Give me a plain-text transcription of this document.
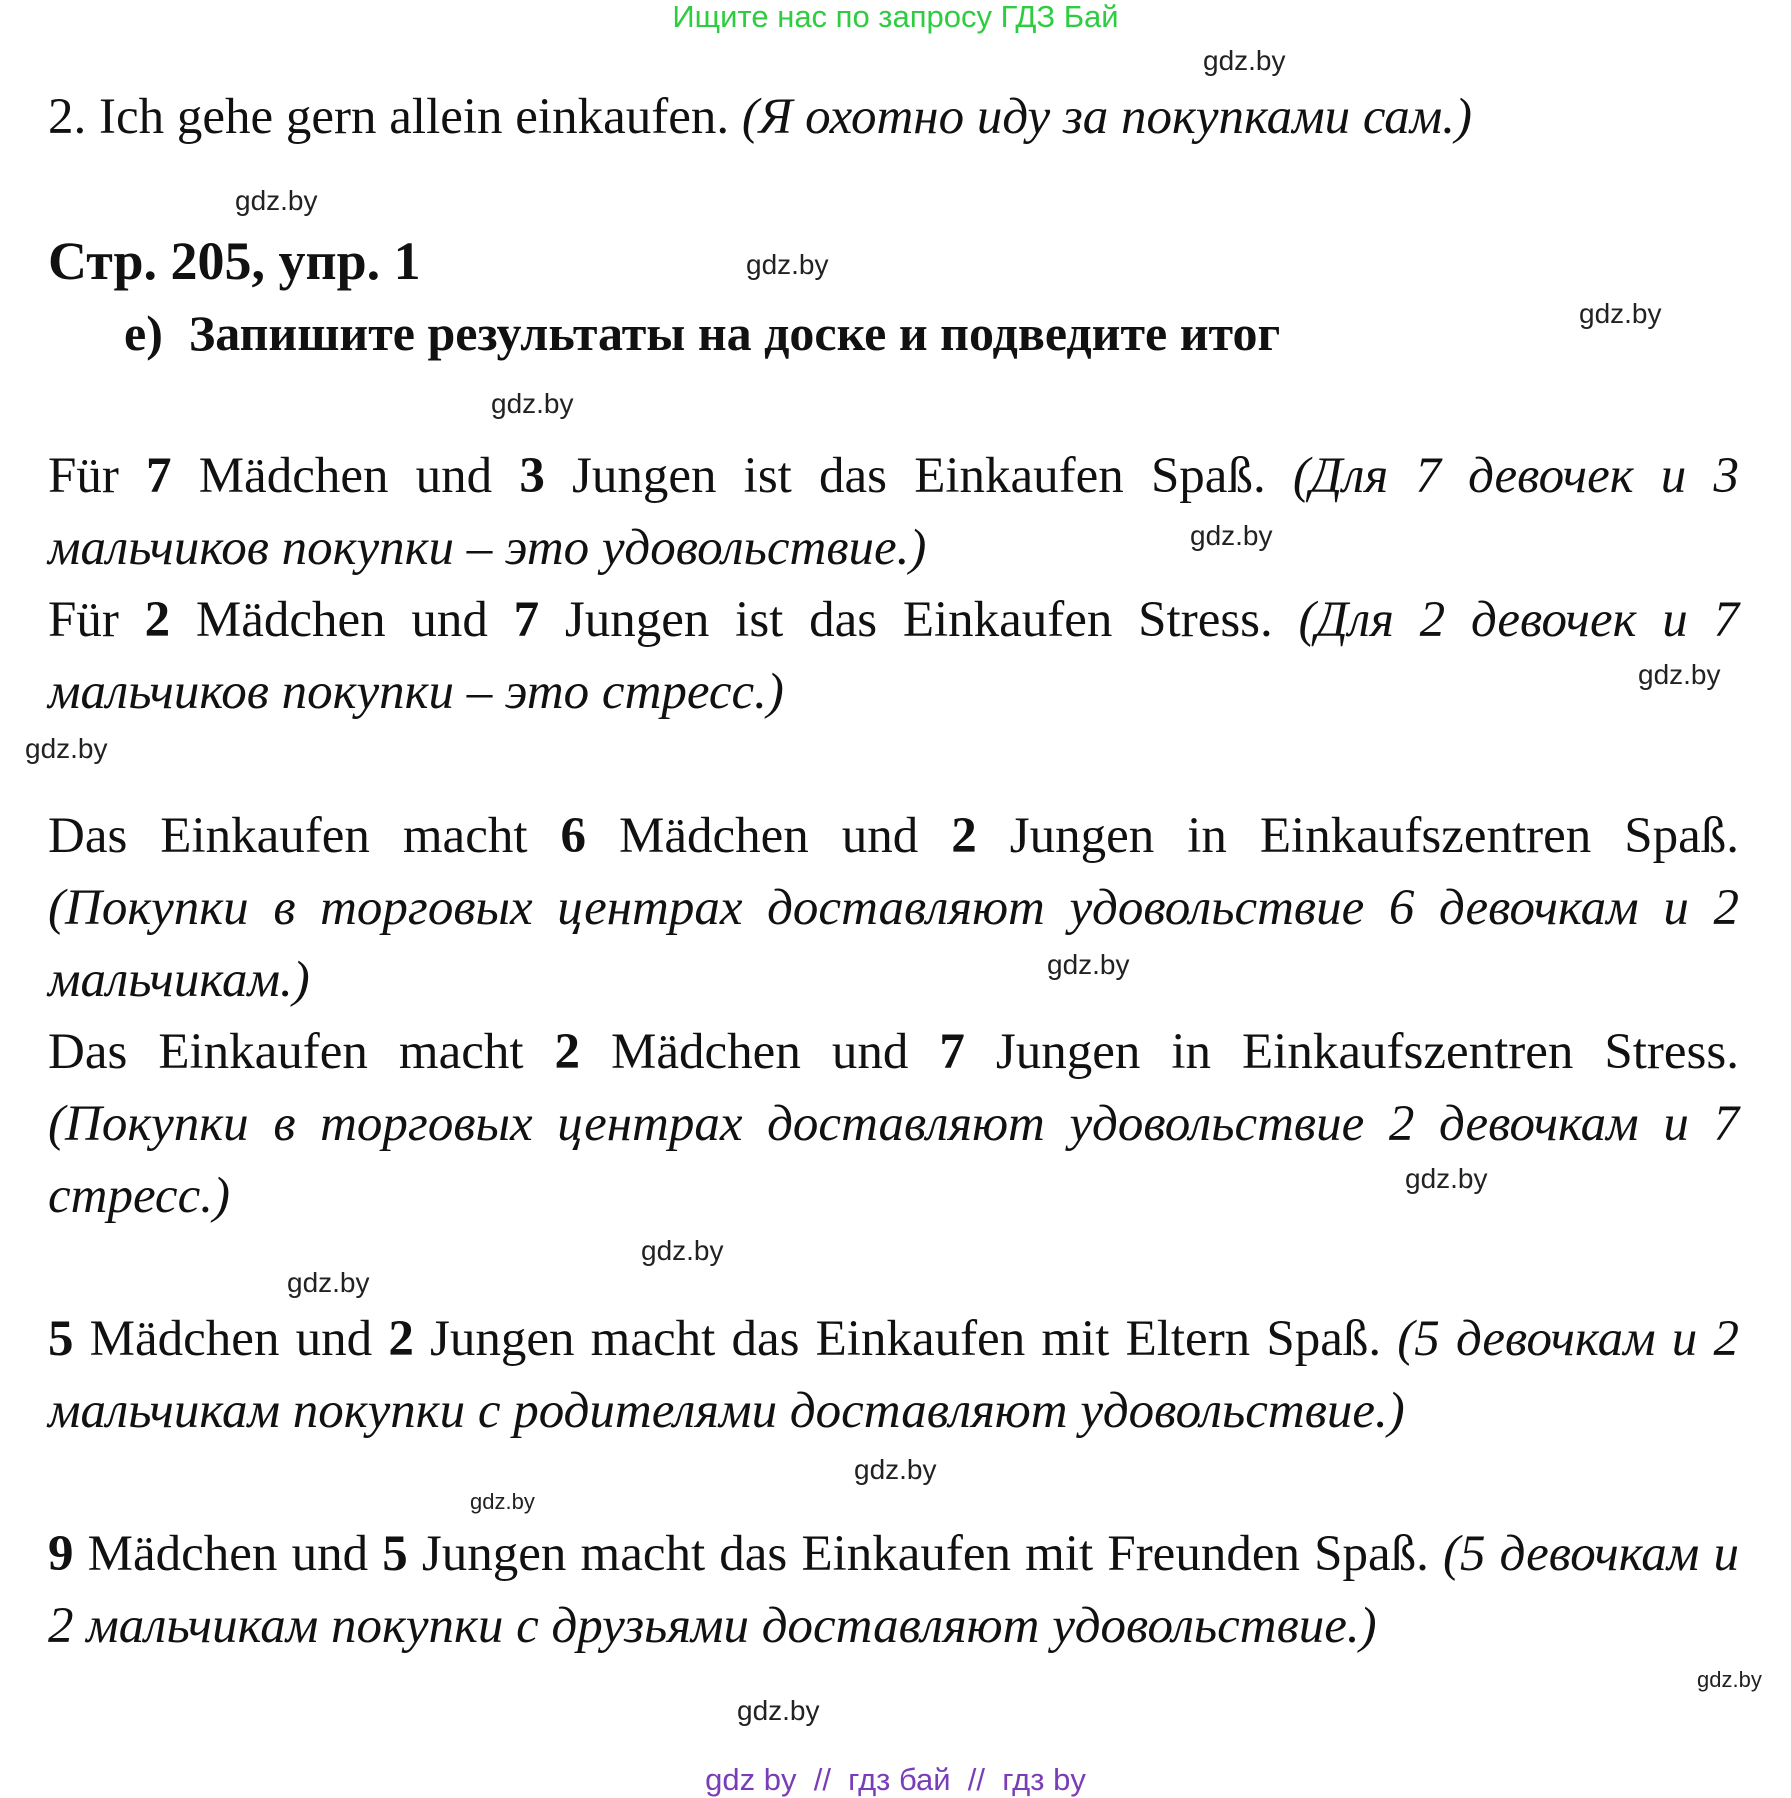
Ищите нас по запросу ГДЗ Бай
2. Ich gehe gern allein einkaufen. (Я охотно иду за покупками сам.)
Стр. 205, упр. 1
e) Запишите результаты на доске и подведите итог
Für 7 Mädchen und 3 Jungen ist das Einkaufen Spaß. (Для 7 девочек и 3 мальчиков покупки – это удовольствие.)
Für 2 Mädchen und 7 Jungen ist das Einkaufen Stress. (Для 2 девочек и 7 мальчиков покупки – это стресс.)
Das Einkaufen macht 6 Mädchen und 2 Jungen in Einkaufszentren Spaß. (Покупки в торговых центрах доставляют удовольствие 6 девочкам и 2 мальчикам.)
Das Einkaufen macht 2 Mädchen und 7 Jungen in Einkaufszentren Stress. (Покупки в торговых центрах доставляют удовольствие 2 девочкам и 7 стресс.)
5 Mädchen und 2 Jungen macht das Einkaufen mit Eltern Spaß. (5 девочкам и 2 мальчикам покупки с родителями доставляют удовольствие.)
9 Mädchen und 5 Jungen macht das Einkaufen mit Freunden Spaß. (5 девочкам и 2 мальчикам покупки с друзьями доставляют удовольствие.)
gdz.by
gdz.by
gdz.by
gdz.by
gdz.by
gdz.by
gdz.by
gdz.by
gdz.by
gdz.by
gdz.by
gdz.by
gdz.by
gdz.by
gdz.by
gdz.by
gdz by  //  гдз бай  //  гдз by
